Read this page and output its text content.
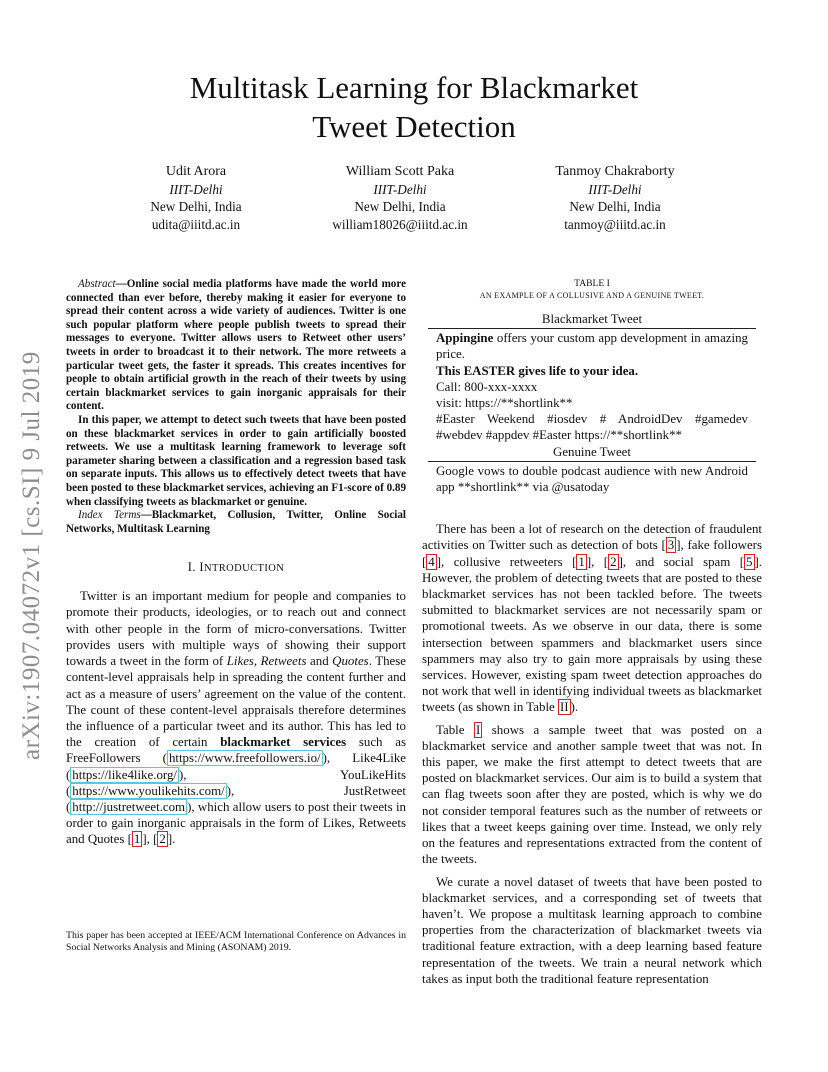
arXiv:1907.04072v1 [cs.SI] 9 Jul 2019
Multitask Learning for Blackmarket
Tweet Detection
Udit Arora
IIIT-Delhi
New Delhi, India
udita@iiitd.ac.in
William Scott Paka
IIIT-Delhi
New Delhi, India
william18026@iiitd.ac.in
Tanmoy Chakraborty
IIIT-Delhi
New Delhi, India
tanmoy@iiitd.ac.in

Abstract—Online social media platforms have made the world more connected than ever before, thereby making it easier for everyone to spread their content across a wide variety of audiences. Twitter is one such popular platform where people publish tweets to spread their messages to everyone. Twitter allows users to Retweet other users’ tweets in order to broadcast it to their network. The more retweets a particular tweet gets, the faster it spreads. This creates incentives for people to obtain artificial growth in the reach of their tweets by using certain blackmarket services to gain inorganic appraisals for their content.

In this paper, we attempt to detect such tweets that have been posted on these blackmarket services in order to gain artificially boosted retweets. We use a multitask learning framework to leverage soft parameter sharing between a classification and a regression based task on separate inputs. This allows us to effectively detect tweets that have been posted to these blackmarket services, achieving an F1-score of 0.89 when classifying tweets as blackmarket or genuine.

Index Terms—Blackmarket, Collusion, Twitter, Online Social Networks, Multitask Learning

I. INTRODUCTION

Twitter is an important medium for people and companies to promote their products, ideologies, or to reach out and connect with other people in the form of micro-conversations. Twitter provides users with multiple ways of showing their support towards a tweet in the form of Likes, Retweets and Quotes. These content-level appraisals help in spreading the content further and act as a measure of users’ agreement on the value of the content. The count of these content-level appraisals therefore determines the influence of a particular tweet and its author. This has led to the creation of certain blackmarket services such as FreeFollowers ( https://www.freefollowers.io/ ), Like4Like ( https://like4like.org/ ), YouLikeHits ( https://www.youlikehits.com/ ), JustRetweet ( http://justretweet.com ), which allow users to post their tweets in order to gain inorganic appraisals in the form of Likes, Retweets and Quotes [ 1 ], [ 2 ].

This paper has been accepted at IEEE/ACM International Conference on Advances in Social Networks Analysis and Mining (ASONAM) 2019.
TABLE I
AN EXAMPLE OF A COLLUSIVE AND A GENUINE TWEET.
Blackmarket Tweet
Appingine offers your custom app development in amazing price.
This EASTER gives life to your idea.
Call: 800-xxx-xxxx
visit: https://**shortlink**
#Easter Weekend #iosdev # AndroidDev #gamedev #webdev #appdev #Easter https://**shortlink**
Genuine Tweet
Google vows to double podcast audience with new Android app **shortlink** via @usatoday

There has been a lot of research on the detection of fraudulent activities on Twitter such as detection of bots [ 3 ], fake followers [ 4 ], collusive retweeters [ 1 ], [ 2 ], and social spam [ 5 ]. However, the problem of detecting tweets that are posted to these blackmarket services has not been tackled before. The tweets submitted to blackmarket services are not necessarily spam or promotional tweets. As we observe in our data, there is some intersection between spammers and blackmarket users since spammers may also try to gain more appraisals by using these services. However, existing spam tweet detection approaches do not work that well in identifying individual tweets as blackmarket tweets (as shown in Table II ).

Table I shows a sample tweet that was posted on a blackmarket service and another sample tweet that was not. In this paper, we make the first attempt to detect tweets that are posted on blackmarket services. Our aim is to build a system that can flag tweets soon after they are posted, which is why we do not consider temporal features such as the number of retweets or likes that a tweet keeps gaining over time. Instead, we only rely on the features and representations extracted from the content of the tweets.

We curate a novel dataset of tweets that have been posted to blackmarket services, and a corresponding set of tweets that haven’t. We propose a multitask learning approach to combine properties from the characterization of blackmarket tweets via traditional feature extraction, with a deep learning based feature representation of the tweets. We train a neural network which takes as input both the traditional feature representation
